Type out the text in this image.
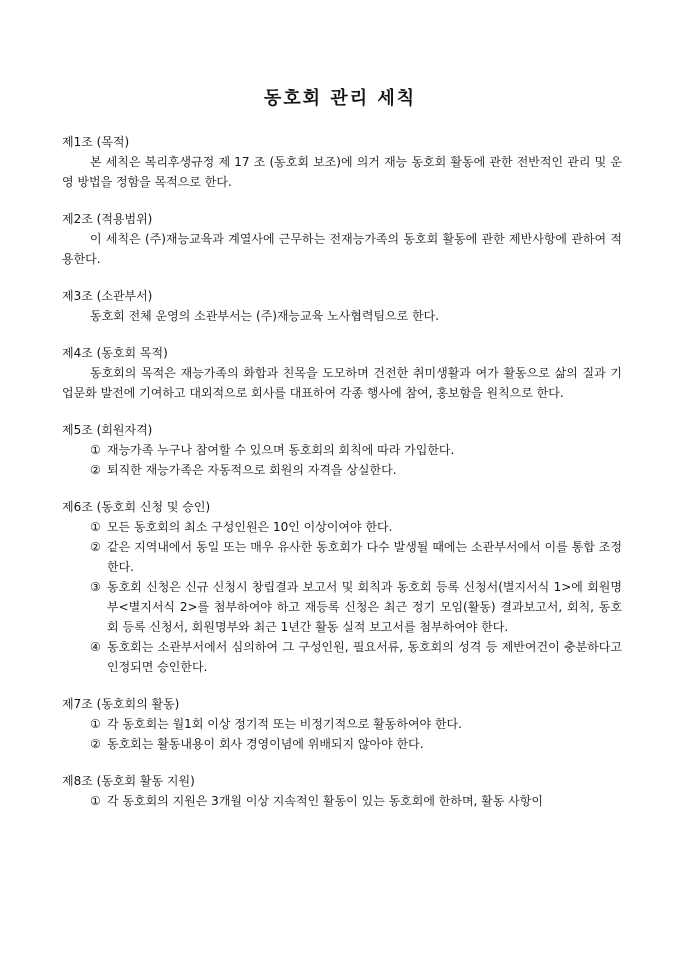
동호회 관리 세칙
제1조 (목적)
본 세칙은 복리후생규정 제 17 조 (동호회 보조)에 의거 재능 동호회 활동에 관한 전반적인 관리 및 운영 방법을 정함을 목적으로 한다.
제2조 (적용범위)
이 세칙은 (주)재능교육과 계열사에 근무하는 전재능가족의 동호회 활동에 관한 제반사항에 관하여 적용한다.
제3조 (소관부서)
동호회 전체 운영의 소관부서는 (주)재능교육 노사협력팀으로 한다.
제4조 (동호회 목적)
동호회의 목적은 재능가족의 화합과 친목을 도모하며 건전한 취미생활과 여가 활동으로 삶의 질과 기업문화 발전에 기여하고 대외적으로 회사를 대표하여 각종 행사에 참여, 홍보함을 원칙으로 한다.
제5조 (회원자격)
① 재능가족 누구나 참여할 수 있으며 동호회의 회칙에 따라 가입한다.
② 퇴직한 재능가족은 자동적으로 회원의 자격을 상실한다.
제6조 (동호회 신청 및 승인)
① 모든 동호회의 최소 구성인원은 10인 이상이여야 한다.
② 같은 지역내에서 동일 또는 매우 유사한 동호회가 다수 발생될 때에는 소관부서에서 이를 통합 조정한다.
③ 동호회 신청은 신규 신청시 창립결과 보고서 및 회칙과 동호회 등록 신청서(별지서식 1>에 회원명부<별지서식 2>를 첨부하여야 하고 재등록 신청은 최근 정기 모임(활동) 결과보고서, 회칙, 동호회 등록 신청서, 회원명부와 최근 1년간 활동 실적 보고서를 첨부하여야 한다.
④ 동호회는 소관부서에서 심의하여 그 구성인원, 필요서류, 동호회의 성격 등 제반여건이 충분하다고 인정되면 승인한다.
제7조 (동호회의 활동)
① 각 동호회는 월1회 이상 정기적 또는 비정기적으로 활동하여야 한다.
② 동호회는 활동내용이 회사 경영이념에 위배되지 않아야 한다.
제8조 (동호회 활동 지원)
① 각 동호회의 지원은 3개월 이상 지속적인 활동이 있는 동호회에 한하며, 활동 사항이
